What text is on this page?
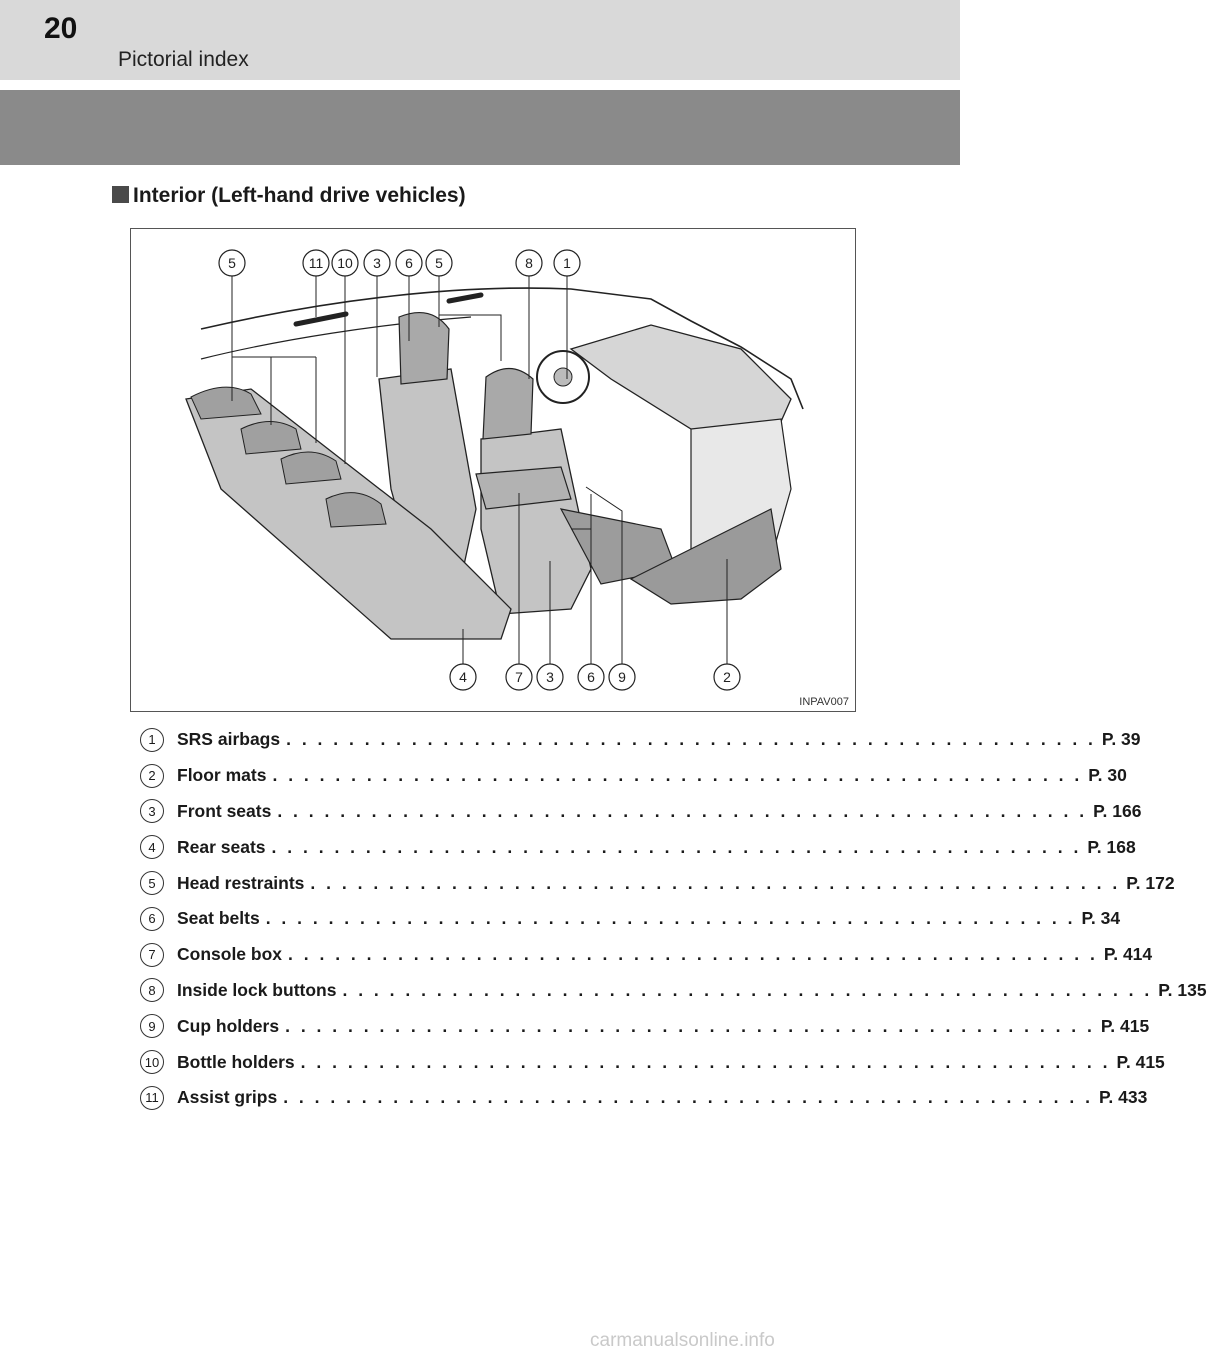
20
Pictorial index
Interior (Left-hand drive vehicles)
5	11 10 3 6 5	8 1
4	7 3 6 9	2
INPAV007
1	SRS airbags . . . . . . . . . . . . . . . . . . . . . . . . . . . . . . . . . . . . . . . . . . . . . . . . . . . . P. 39
2	Floor mats . . . . . . . . . . . . . . . . . . . . . . . . . . . . . . . . . . . . . . . . . . . . . . . . . . . . P. 30
3	Front seats . . . . . . . . . . . . . . . . . . . . . . . . . . . . . . . . . . . . . . . . . . . . . . . . . . . . P. 166
4	Rear seats . . . . . . . . . . . . . . . . . . . . . . . . . . . . . . . . . . . . . . . . . . . . . . . . . . . . P. 168
5	Head restraints . . . . . . . . . . . . . . . . . . . . . . . . . . . . . . . . . . . . . . . . . . . . . . . . . . . . P. 172
6	Seat belts . . . . . . . . . . . . . . . . . . . . . . . . . . . . . . . . . . . . . . . . . . . . . . . . . . . . P. 34
7	Console box . . . . . . . . . . . . . . . . . . . . . . . . . . . . . . . . . . . . . . . . . . . . . . . . . . . . P. 414
8	Inside lock buttons . . . . . . . . . . . . . . . . . . . . . . . . . . . . . . . . . . . . . . . . . . . . . . . . . . . . P. 135
9	Cup holders . . . . . . . . . . . . . . . . . . . . . . . . . . . . . . . . . . . . . . . . . . . . . . . . . . . . P. 415
10 Bottle holders . . . . . . . . . . . . . . . . . . . . . . . . . . . . . . . . . . . . . . . . . . . . . . . . . . . . P. 415
11	Assist grips . . . . . . . . . . . . . . . . . . . . . . . . . . . . . . . . . . . . . . . . . . . . . . . . . . . . P. 433
carmanualsonline.info
